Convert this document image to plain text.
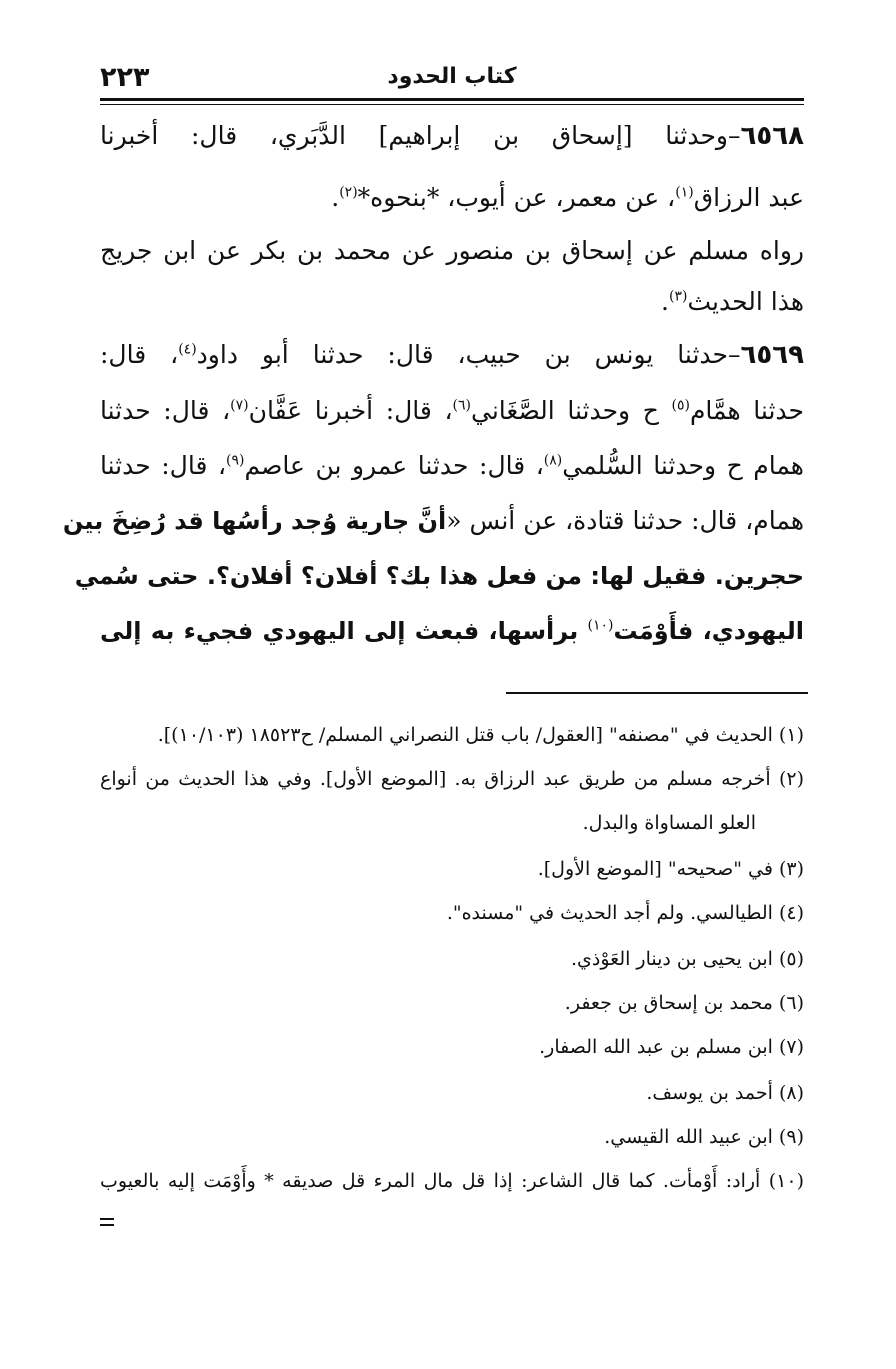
٢٢٣	كتاب الحدود
٦٥٦٨–وحدثنا [إسحاق بن إبراهيم] الدَّبَري، قال: أخبرنا
عبد الرزاق$^{(١)}$، عن معمر، عن أيوب، *بنحوه*$^{(٢)}$.
رواه مسلم عن إسحاق بن منصور عن محمد بن بكر عن ابن جريج
هذا الحديث$^{(٣)}$.
٦٥٦٩–حدثنا يونس بن حبيب، قال: حدثنا أبو داود$^{(٤)}$، قال:
حدثنا همَّام$^{(٥)}$ ح وحدثنا الصَّغَاني$^{(٦)}$، قال: أخبرنا عَفَّان$^{(٧)}$، قال: حدثنا
همام ح وحدثنا السُّلمي$^{(٨)}$، قال: حدثنا عمرو بن عاصم$^{(٩)}$، قال: حدثنا
همام، قال: حدثنا قتادة، عن أنس «أنَّ جارية وُجد رأسُها قد رُضِخَ بين
حجرين. فقيل لها: من فعل هذا بك؟ أفلان؟ أفلان؟. حتى سُمي
اليهودي، فأَوْمَت$^{(١٠)}$ برأسها، فبعث إلى اليهودي فجيء به إلى
(١) الحديث في "مصنفه" [العقول/ باب قتل النصراني المسلم/ ح١٨٥٢٣ (١٠/١٠٣)].
(٢) أخرجه مسلم من طريق عبد الرزاق به. [الموضع الأول]. وفي هذا الحديث من أنواع
العلو المساواة والبدل.
(٣) في "صحيحه" [الموضع الأول].
(٤) الطيالسي. ولم أجد الحديث في "مسنده".
(٥) ابن يحيى بن دينار العَوْذي.
(٦) محمد بن إسحاق بن جعفر.
(٧) ابن مسلم بن عبد الله الصفار.
(٨) أحمد بن يوسف.
(٩) ابن عبيد الله القيسي.
(١٠) أراد: أَوْمأت. كما قال الشاعر: إذا قل مال المرء قل صديقه * وأَوْمَت إليه بالعيوب
